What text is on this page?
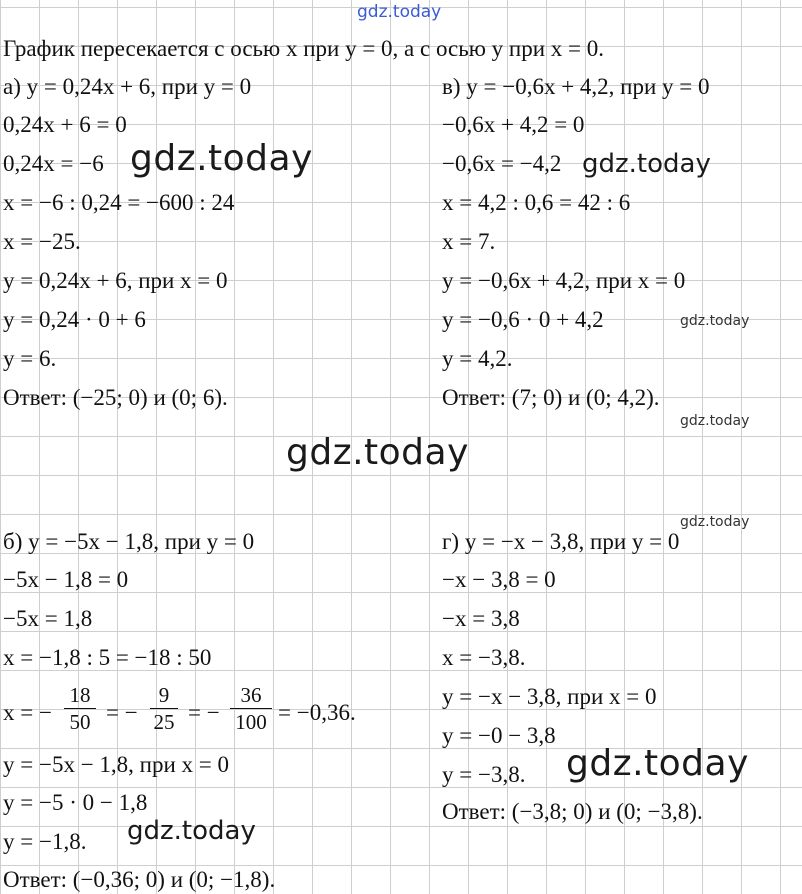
gdz.today
График пересекается с осью x при y = 0, а с осью y при x = 0.
а) y = 0,24x + 6, при y = 0
0,24x + 6 = 0
0,24x = −6
x = −6 : 0,24 = −600 : 24
x = −25.
y = 0,24x + 6, при x = 0
y = 0,24 · 0 + 6
y = 6.
Ответ: (−25; 0) и (0; 6).
в) y = −0,6x + 4,2, при y = 0
−0,6x + 4,2 = 0
−0,6x = −4,2
x = 4,2 : 0,6 = 42 : 6
x = 7.
y = −0,6x + 4,2, при x = 0
y = −0,6 · 0 + 4,2
y = 4,2.
Ответ: (7; 0) и (0; 4,2).
б) y = −5x − 1,8, при y = 0
−5x − 1,8 = 0
−5x = 1,8
x = −1,8 : 5 = −18 : 50
x = −
18
50 = −
9
25 = −
36
100 = −0,36.
y = −5x − 1,8, при x = 0
y = −5 · 0 − 1,8
y = −1,8.
Ответ: (−0,36; 0) и (0; −1,8).
г) y = −x − 3,8, при y = 0
−x − 3,8 = 0
−x = 3,8
x = −3,8.
y = −x − 3,8, при x = 0
y = −0 − 3,8
y = −3,8.
Ответ: (−3,8; 0) и (0; −3,8).
gdz.today	gdz.today
gdz.today
gdz.today
gdz.today
gdz.today
gdz.today
gdz.today
